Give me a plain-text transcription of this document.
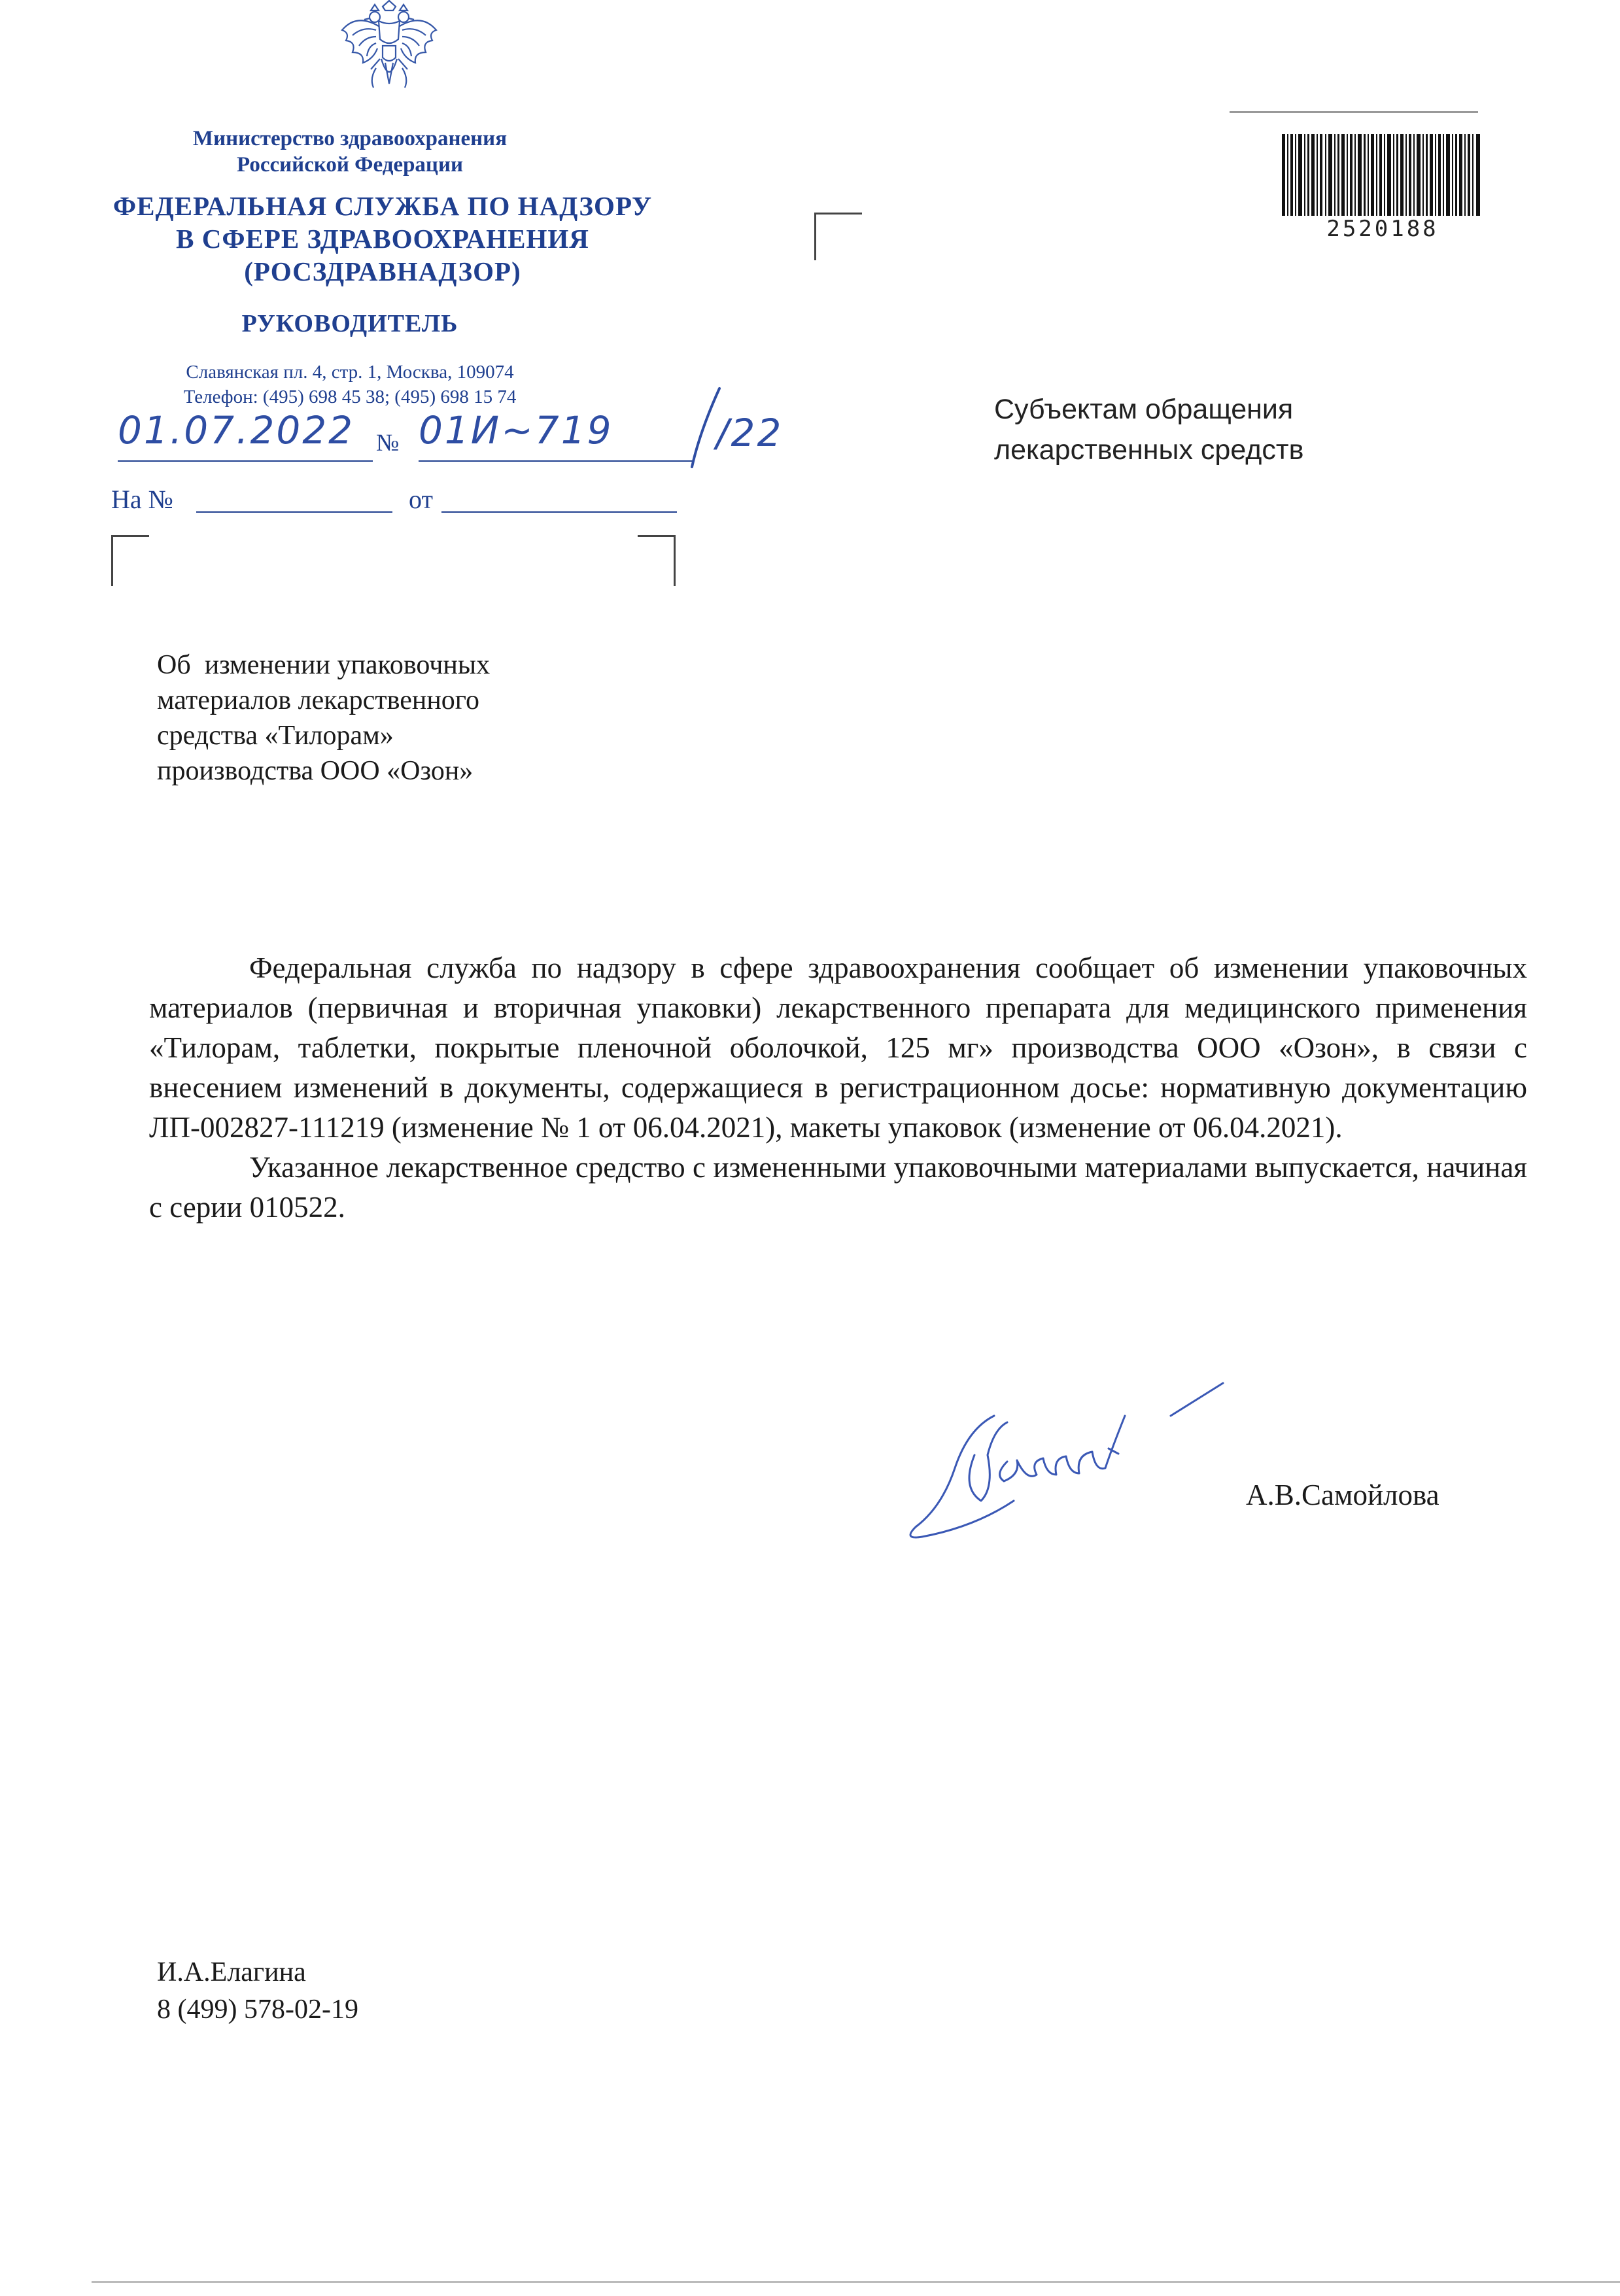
Министерство здравоохранения
Российской Федерации
ФЕДЕРАЛЬНАЯ СЛУЖБА ПО НАДЗОРУ
В СФЕРЕ ЗДРАВООХРАНЕНИЯ
(РОСЗДРАВНАДЗОР)
РУКОВОДИТЕЛЬ
Славянская пл. 4, стр. 1, Москва, 109074
Телефон: (495) 698 45 38; (495) 698 15 74
01.07.2022 № 01И~719	/22
На №	от
2520188
Субъектам обращения
лекарственных средств
Об  изменении упаковочных
материалов лекарственного
средства «Тилорам»
производства ООО «Озон»

Федеральная служба по надзору в сфере здравоохранения сообщает об изменении упаковочных материалов (первичная и вторичная упаковки) лекарственного препарата для медицинского применения «Тилорам, таблетки, покрытые пленочной оболочкой, 125 мг» производства ООО «Озон», в связи с внесением изменений в документы, содержащиеся в регистрационном досье: нормативную документацию ЛП-002827-111219 (изменение № 1 от 06.04.2021), макеты упаковок (изменение от 06.04.2021).

Указанное лекарственное средство с измененными упаковочными материалами выпускается, начиная с серии 010522.

А.В.Самойлова
И.А.Елагина
8 (499) 578-02-19
